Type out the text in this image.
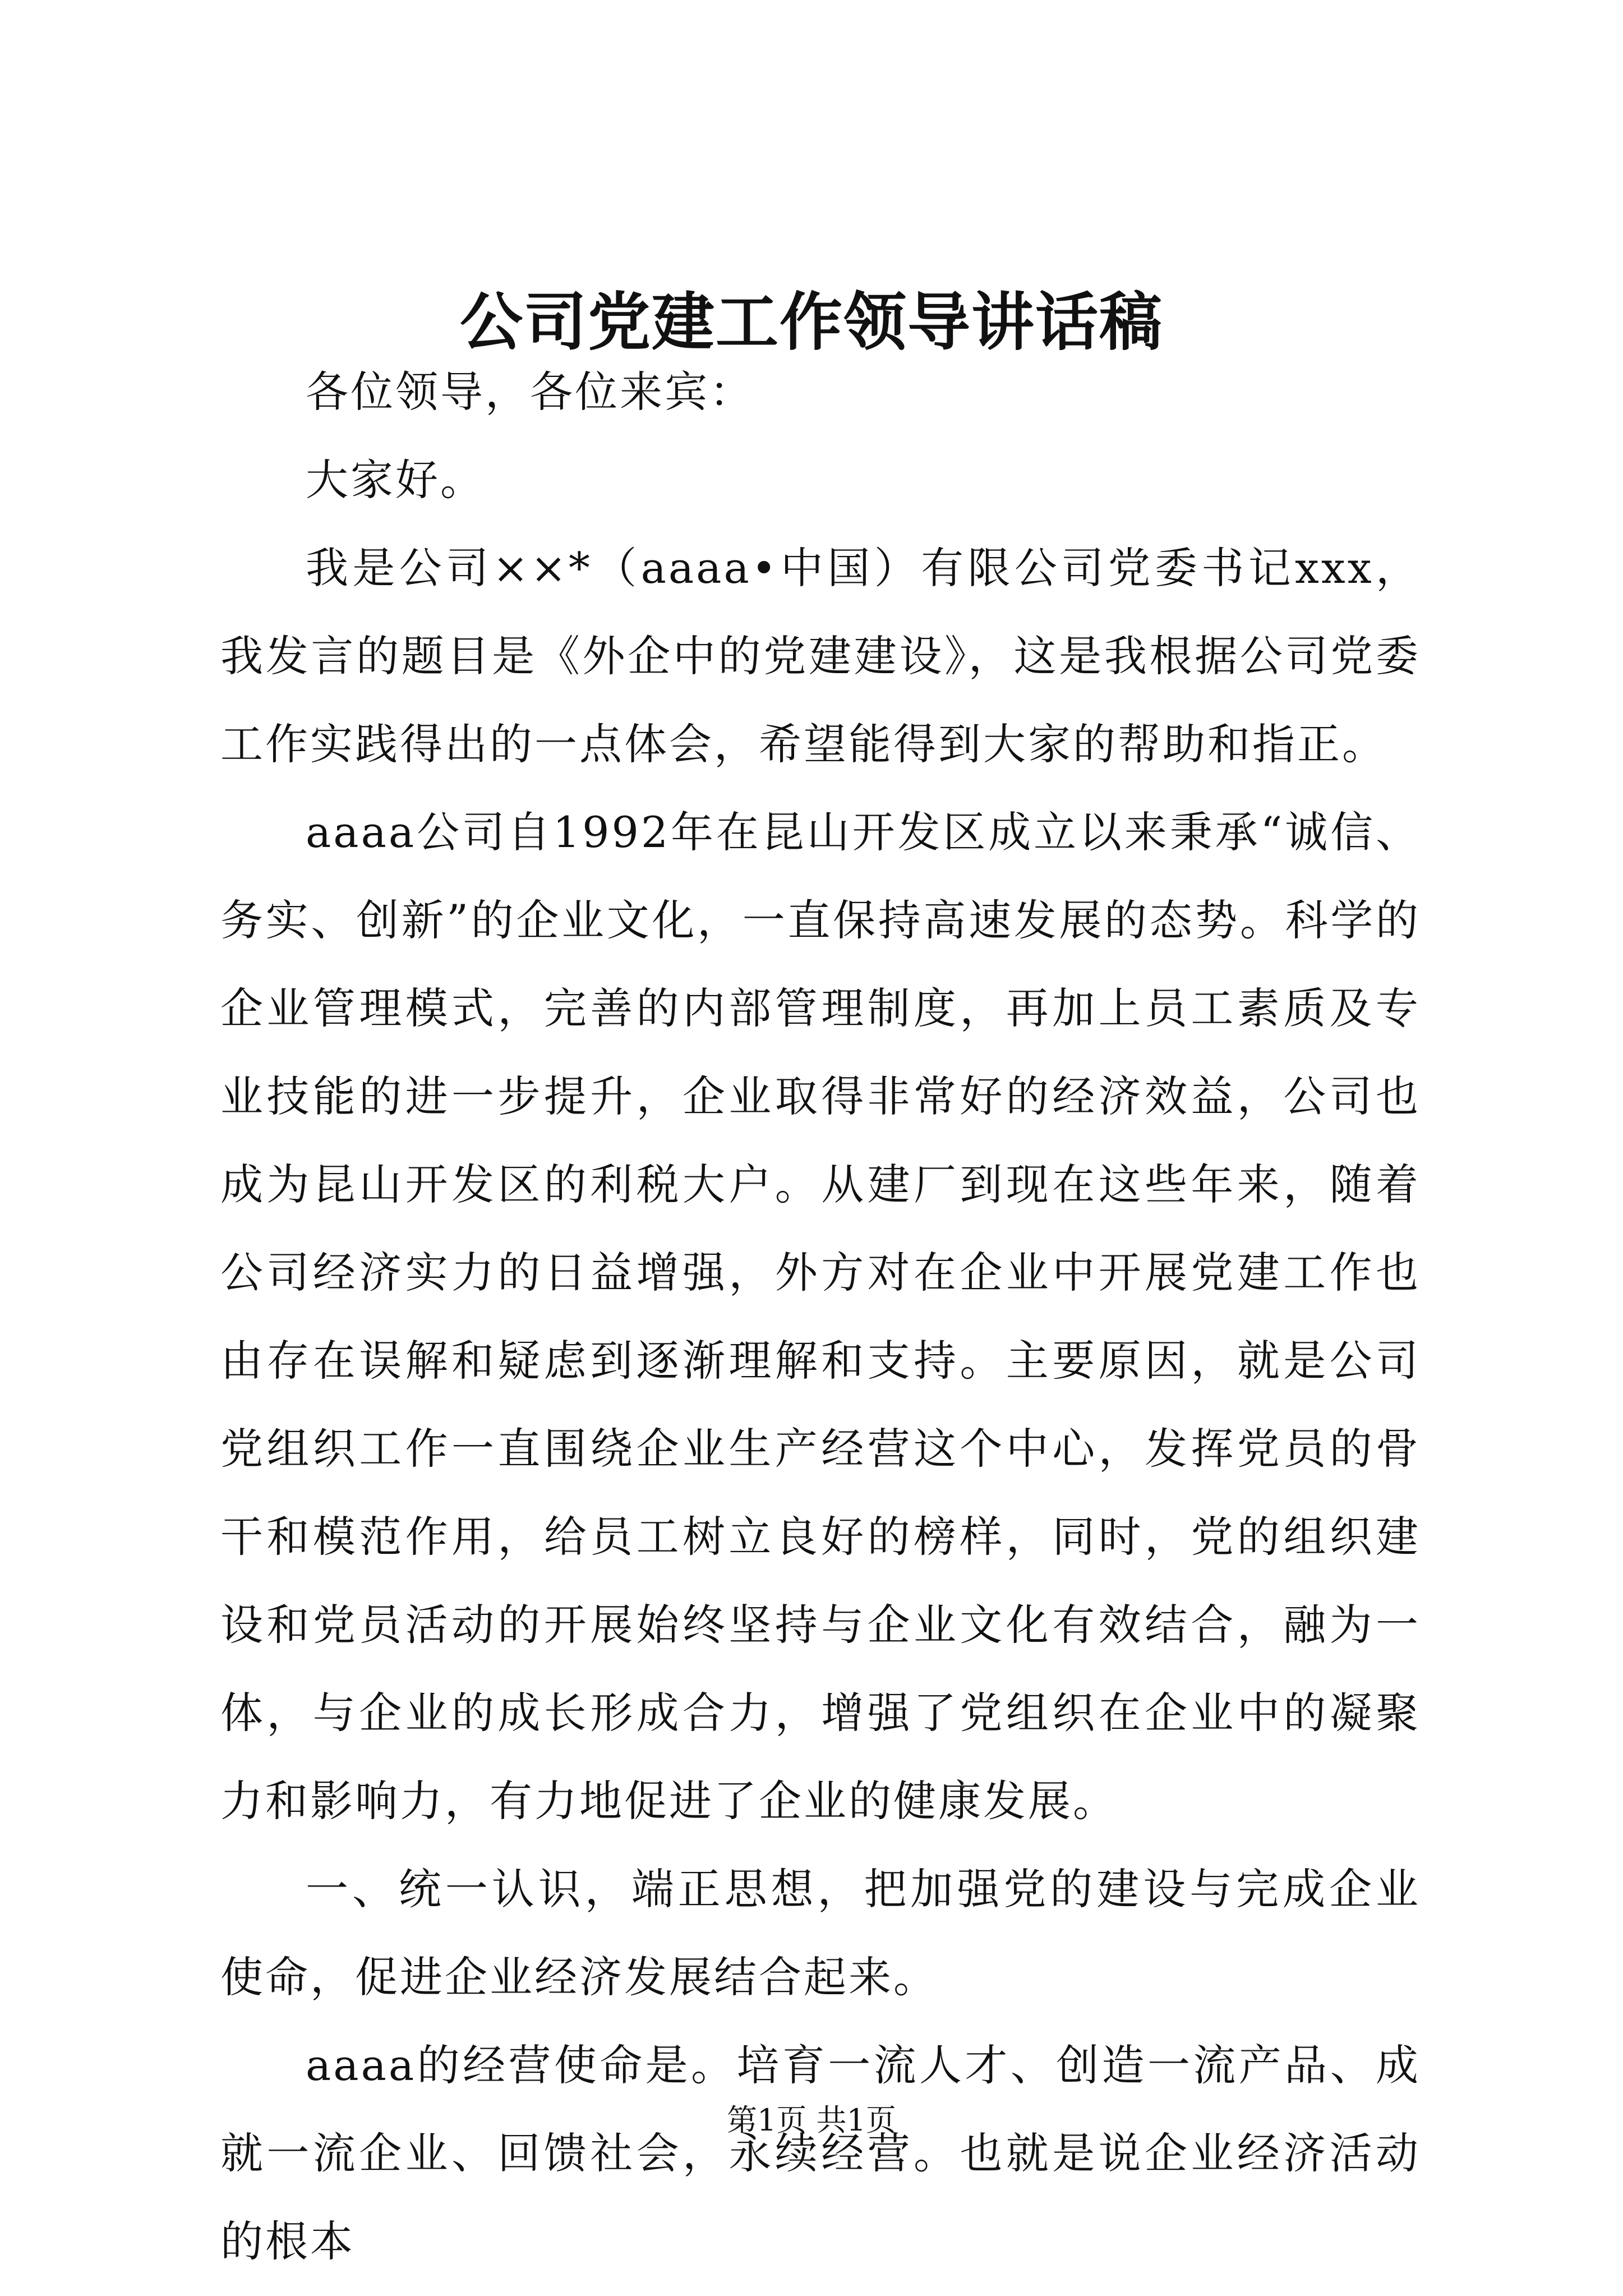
公司党建工作领导讲话稿

各位领导，各位来宾：

大家好。

我是公司××*（aaaa•中国）有限公司党委书记xxx，我发言的题目是《外企中的党建建设》，这是我根据公司党委工作实践得出的一点体会，希望能得到大家的帮助和指正。

aaaa公司自1992年在昆山开发区成立以来秉承“诚信、务实、创新”的企业文化，一直保持高速发展的态势。科学的企业管理模式，完善的内部管理制度，再加上员工素质及专业技能的进一步提升，企业取得非常好的经济效益，公司也成为昆山开发区的利税大户。从建厂到现在这些年来，随着公司经济实力的日益增强，外方对在企业中开展党建工作也由存在误解和疑虑到逐渐理解和支持。主要原因，就是公司党组织工作一直围绕企业生产经营这个中心，发挥党员的骨干和模范作用，给员工树立良好的榜样，同时，党的组织建设和党员活动的开展始终坚持与企业文化有效结合，融为一体，与企业的成长形成合力，增强了党组织在企业中的凝聚力和影响力，有力地促进了企业的健康发展。

一、统一认识，端正思想，把加强党的建设与完成企业使命，促进企业经济发展结合起来。

aaaa的经营使命是。培育一流人才、创造一流产品、成就一流企业、回馈社会，永续经营。也就是说企业经济活动的根本

第1页 共1页
